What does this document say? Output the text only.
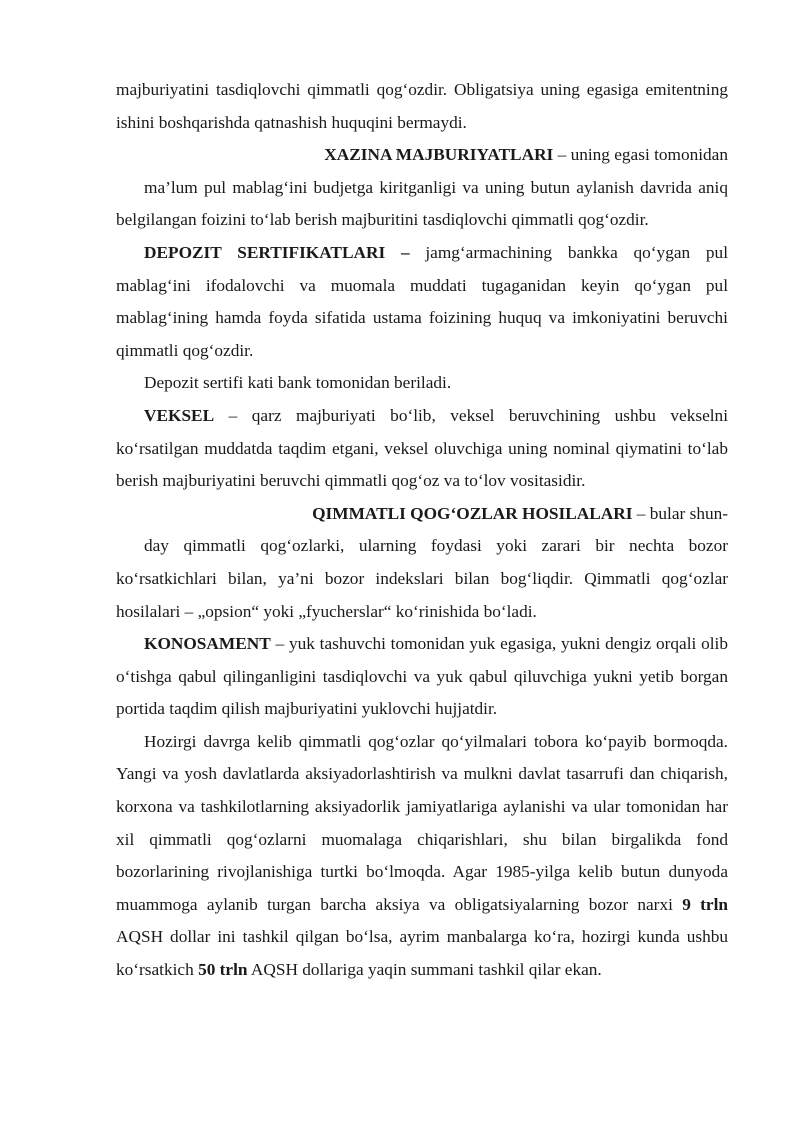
majburiyatini tasdiqlovchi qimmatli qog‘ozdir. Obligatsiya uning egasiga emitentning ishini boshqarishda qatnashish huquqini bermaydi.

XAZINA MAJBURIYATLARI – uning egasi tomonidan

ma’lum pul mablag‘ini budjetga kiritganligi va uning butun aylanish davrida aniq belgilangan foizini to‘lab berish majburitini tasdiqlovchi qimmatli qog‘ozdir.

DEPOZIT SERTIFIKATLARI – jamg‘armachining bankka qo‘ygan pul mablag‘ini ifodalovchi va muomala muddati tugaganidan keyin qo‘ygan pul mablag‘ining hamda foyda sifatida ustama foizining huquq va imkoniyatini beruvchi qimmatli qog‘ozdir.

Depozit sertifi kati bank tomonidan beriladi.

VEKSEL – qarz majburiyati bo‘lib, veksel beruvchining ushbu vekselni ko‘rsatilgan muddatda taqdim etgani, veksel oluvchiga uning nominal qiymatini to‘lab berish majburiyatini beruvchi qimmatli qog‘oz va to‘lov vositasidir.

QIMMATLI QOG‘OZLAR HOSILALARI – bular shun-

day qimmatli qog‘ozlarki, ularning foydasi yoki zarari bir nechta bozor ko‘rsatkichlari bilan, ya’ni bozor indekslari bilan bog‘liqdir. Qimmatli qog‘ozlar hosilalari – „opsion“ yoki „fyucherslar“ ko‘rinishida bo‘ladi.

KONOSAMENT – yuk tashuvchi tomonidan yuk egasiga, yukni dengiz orqali olib o‘tishga qabul qilinganligini tasdiqlovchi va yuk qabul qiluvchiga yukni yetib borgan portida taqdim qilish majburiyatini yuklovchi hujjatdir.

Hozirgi davrga kelib qimmatli qog‘ozlar qo‘yilmalari tobora ko‘payib bormoqda. Yangi va yosh davlatlarda aksiyadorlashtirish va mulkni davlat tasarrufi dan chiqarish, korxona va tashkilotlarning aksiyadorlik jamiyatlariga aylanishi va ular tomonidan har xil qimmatli qog‘ozlarni muomalaga chiqarishlari, shu bilan birgalikda fond bozorlarining rivojlanishiga turtki bo‘lmoqda. Agar 1985-yilga kelib butun dunyoda muammoga aylanib turgan barcha aksiya va obligatsiyalarning bozor narxi 9 trln AQSH dollar ini tashkil qilgan bo‘lsa, ayrim manbalarga ko‘ra, hozirgi kunda ushbu ko‘rsatkich 50 trln AQSH dollariga yaqin summani tashkil qilar ekan.
